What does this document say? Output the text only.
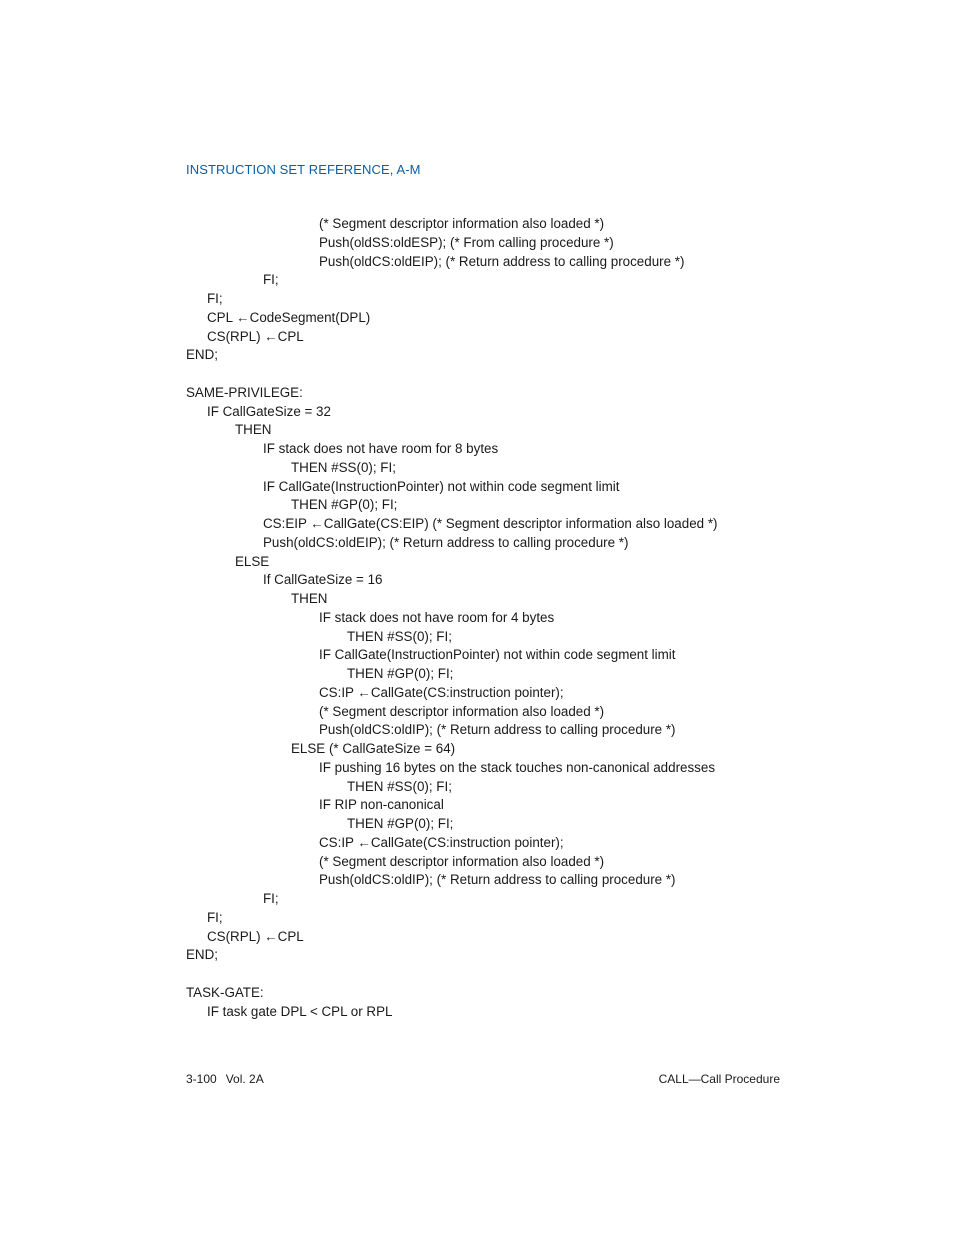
INSTRUCTION SET REFERENCE, A-M
(* Segment descriptor information also loaded *)
Push(oldSS:oldESP); (* From calling procedure *)
Push(oldCS:oldEIP); (* Return address to calling procedure *)
FI;
FI;
CPL ←CodeSegment(DPL)
CS(RPL) ←CPL
END;
SAME-PRIVILEGE:
IF CallGateSize = 32
THEN
IF stack does not have room for 8 bytes
THEN #SS(0); FI;
IF CallGate(InstructionPointer) not within code segment limit
THEN #GP(0); FI;
CS:EIP ←CallGate(CS:EIP) (* Segment descriptor information also loaded *)
Push(oldCS:oldEIP); (* Return address to calling procedure *)
ELSE
If CallGateSize = 16
THEN
IF stack does not have room for 4 bytes
THEN #SS(0); FI;
IF CallGate(InstructionPointer) not within code segment limit
THEN #GP(0); FI;
CS:IP ←CallGate(CS:instruction pointer);
(* Segment descriptor information also loaded *)
Push(oldCS:oldIP); (* Return address to calling procedure *)
ELSE (* CallGateSize = 64)
IF pushing 16 bytes on the stack touches non-canonical addresses
THEN #SS(0); FI;
IF RIP non-canonical
THEN #GP(0); FI;
CS:IP ←CallGate(CS:instruction pointer);
(* Segment descriptor information also loaded *)
Push(oldCS:oldIP); (* Return address to calling procedure *)
FI;
FI;
CS(RPL) ←CPL
END;
TASK-GATE:
IF task gate DPL < CPL or RPL
3-100 Vol. 2A	CALL—Call Procedure
